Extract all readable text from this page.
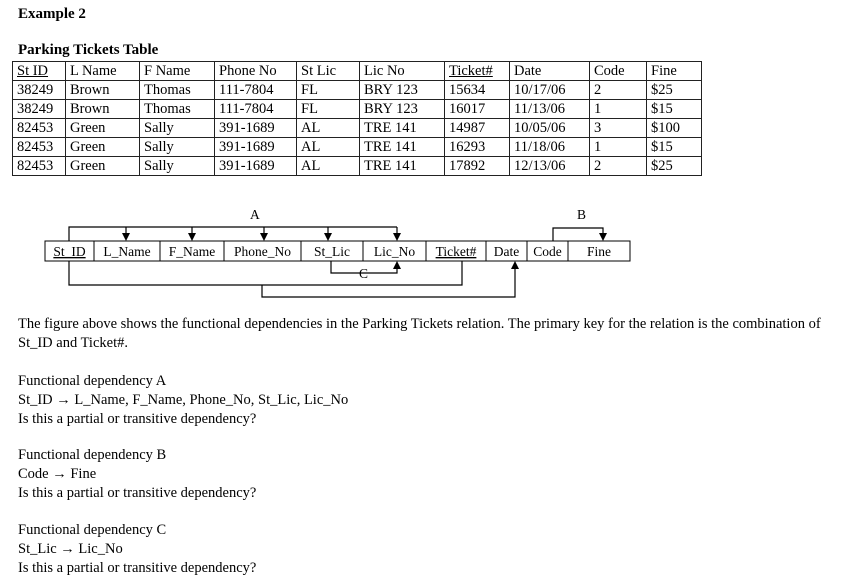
Example 2
Parking Tickets Table
St ID	L Name	F Name	Phone No	St Lic	Lic No	Ticket#	Date	Code	Fine
38249	Brown	Thomas	111-7804	FL	BRY 123	15634	10/17/06	2	$25
38249	Brown	Thomas	111-7804	FL	BRY 123	16017	11/13/06	1	$15
82453	Green	Sally	391-1689	AL	TRE 141	14987	10/05/06	3	$100
82453	Green	Sally	391-1689	AL	TRE 141	16293	11/18/06	1	$15
82453	Green	Sally	391-1689	AL	TRE 141	17892	12/13/06	2	$25
St_ID L_Name F_Name Phone_No St_Lic Lic_No Ticket# Date Code Fine
A	B
C

The figure above shows the functional dependencies in the Parking Tickets relation. The primary key for the relation is the combination of St_ID and Ticket#.

Functional dependency A

St_ID → L_Name, F_Name, Phone_No, St_Lic, Lic_No

Is this a partial or transitive dependency?

Functional dependency B

Code → Fine

Is this a partial or transitive dependency?

Functional dependency C

St_Lic → Lic_No

Is this a partial or transitive dependency?
